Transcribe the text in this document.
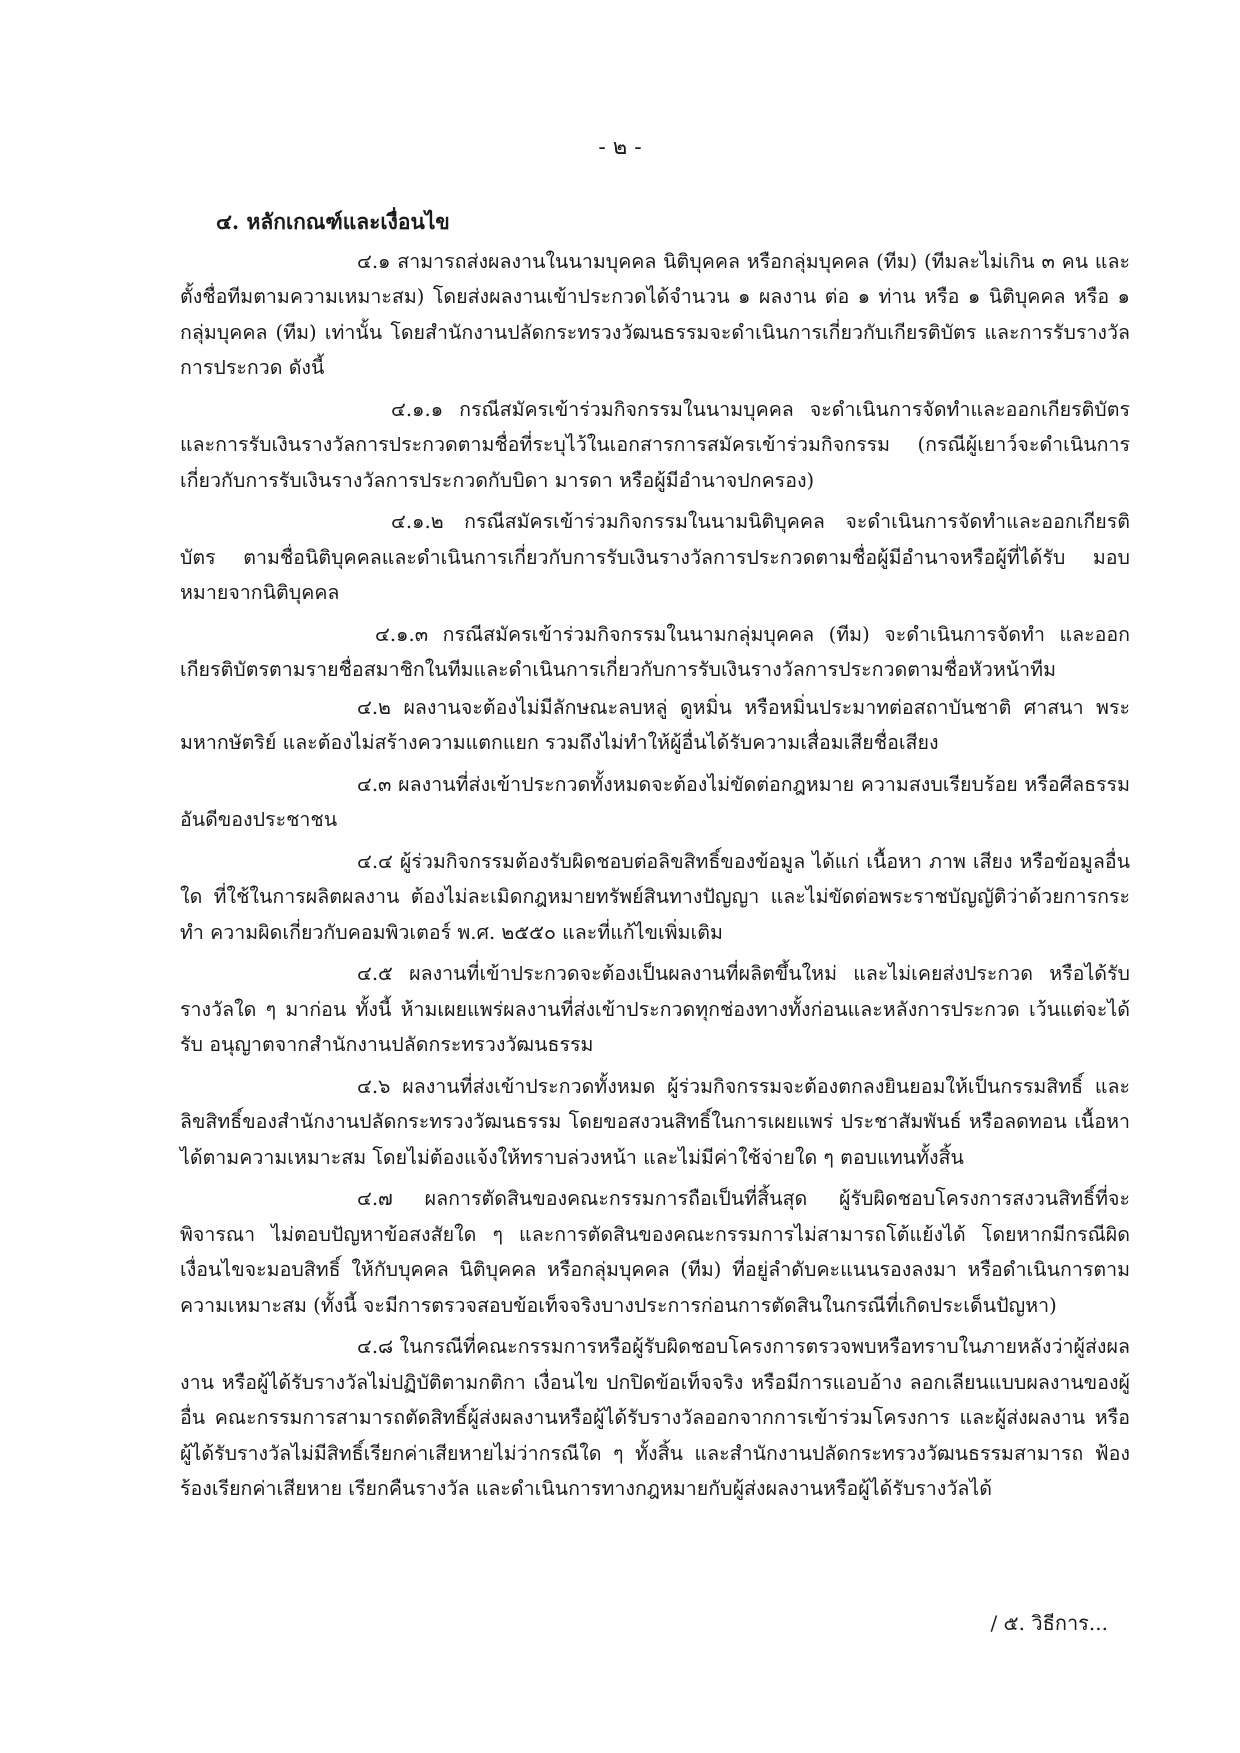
- ๒ -
๔. หลักเกณฑ์และเงื่อนไข

๔.๑ สามารถส่งผลงานในนามบุคคล นิติบุคคล หรือกลุ่มบุคคล (ทีม) (ทีมละไม่เกิน ๓ คน และตั้งชื่อทีมตามความเหมาะสม) โดยส่งผลงานเข้าประกวดได้จำนวน ๑ ผลงาน ต่อ ๑ ท่าน หรือ ๑ นิติบุคคล หรือ ๑ กลุ่มบุคคล (ทีม) เท่านั้น โดยสำนักงานปลัดกระทรวงวัฒนธรรมจะดำเนินการเกี่ยวกับเกียรติบัตร และการรับรางวัลการประกวด ดังนี้

๔.๑.๑ กรณีสมัครเข้าร่วมกิจกรรมในนามบุคคล จะดำเนินการจัดทำและออกเกียรติบัตร และการรับเงินรางวัลการประกวดตามชื่อที่ระบุไว้ในเอกสารการสมัครเข้าร่วมกิจกรรม (กรณีผู้เยาว์จะดำเนินการ เกี่ยวกับการรับเงินรางวัลการประกวดกับบิดา มารดา หรือผู้มีอำนาจปกครอง)

๔.๑.๒ กรณีสมัครเข้าร่วมกิจกรรมในนามนิติบุคคล จะดำเนินการจัดทำและออกเกียรติบัตร ตามชื่อนิติบุคคลและดำเนินการเกี่ยวกับการรับเงินรางวัลการประกวดตามชื่อผู้มีอำนาจหรือผู้ที่ได้รับ มอบหมายจากนิติบุคคล

๔.๑.๓ กรณีสมัครเข้าร่วมกิจกรรมในนามกลุ่มบุคคล (ทีม) จะดำเนินการจัดทำ และออกเกียรติบัตรตามรายชื่อสมาชิกในทีมและดำเนินการเกี่ยวกับการรับเงินรางวัลการประกวดตามชื่อหัวหน้าทีม

๔.๒ ผลงานจะต้องไม่มีลักษณะลบหลู่ ดูหมิ่น หรือหมิ่นประมาทต่อสถาบันชาติ ศาสนา พระมหากษัตริย์ และต้องไม่สร้างความแตกแยก รวมถึงไม่ทำให้ผู้อื่นได้รับความเสื่อมเสียชื่อเสียง

๔.๓ ผลงานที่ส่งเข้าประกวดทั้งหมดจะต้องไม่ขัดต่อกฎหมาย ความสงบเรียบร้อย หรือศีลธรรมอันดีของประชาชน

๔.๔ ผู้ร่วมกิจกรรมต้องรับผิดชอบต่อลิขสิทธิ์ของข้อมูล ได้แก่ เนื้อหา ภาพ เสียง หรือข้อมูลอื่นใด ที่ใช้ในการผลิตผลงาน ต้องไม่ละเมิดกฎหมายทรัพย์สินทางปัญญา และไม่ขัดต่อพระราชบัญญัติว่าด้วยการกระทำ ความผิดเกี่ยวกับคอมพิวเตอร์ พ.ศ. ๒๕๕๐ และที่แก้ไขเพิ่มเติม

๔.๕ ผลงานที่เข้าประกวดจะต้องเป็นผลงานที่ผลิตขึ้นใหม่ และไม่เคยส่งประกวด หรือได้รับ รางวัลใด ๆ มาก่อน ทั้งนี้ ห้ามเผยแพร่ผลงานที่ส่งเข้าประกวดทุกช่องทางทั้งก่อนและหลังการประกวด เว้นแต่จะได้รับ อนุญาตจากสำนักงานปลัดกระทรวงวัฒนธรรม

๔.๖ ผลงานที่ส่งเข้าประกวดทั้งหมด ผู้ร่วมกิจกรรมจะต้องตกลงยินยอมให้เป็นกรรมสิทธิ์ และลิขสิทธิ์ของสำนักงานปลัดกระทรวงวัฒนธรรม โดยขอสงวนสิทธิ์ในการเผยแพร่ ประชาสัมพันธ์ หรือลดทอน เนื้อหาได้ตามความเหมาะสม โดยไม่ต้องแจ้งให้ทราบล่วงหน้า และไม่มีค่าใช้จ่ายใด ๆ ตอบแทนทั้งสิ้น

๔.๗ ผลการตัดสินของคณะกรรมการถือเป็นที่สิ้นสุด ผู้รับผิดชอบโครงการสงวนสิทธิ์ที่จะพิจารณา ไม่ตอบปัญหาข้อสงสัยใด ๆ และการตัดสินของคณะกรรมการไม่สามารถโต้แย้งได้ โดยหากมีกรณีผิดเงื่อนไขจะมอบสิทธิ์ ให้กับบุคคล นิติบุคคล หรือกลุ่มบุคคล (ทีม) ที่อยู่ลำดับคะแนนรองลงมา หรือดำเนินการตามความเหมาะสม (ทั้งนี้ จะมีการตรวจสอบข้อเท็จจริงบางประการก่อนการตัดสินในกรณีที่เกิดประเด็นปัญหา)

๔.๘ ในกรณีที่คณะกรรมการหรือผู้รับผิดชอบโครงการตรวจพบหรือทราบในภายหลังว่าผู้ส่งผลงาน หรือผู้ได้รับรางวัลไม่ปฏิบัติตามกติกา เงื่อนไข ปกปิดข้อเท็จจริง หรือมีการแอบอ้าง ลอกเลียนแบบผลงานของผู้อื่น คณะกรรมการสามารถตัดสิทธิ์ผู้ส่งผลงานหรือผู้ได้รับรางวัลออกจากการเข้าร่วมโครงการ และผู้ส่งผลงาน หรือผู้ได้รับรางวัลไม่มีสิทธิ์เรียกค่าเสียหายไม่ว่ากรณีใด ๆ ทั้งสิ้น และสำนักงานปลัดกระทรวงวัฒนธรรมสามารถ ฟ้องร้องเรียกค่าเสียหาย เรียกคืนรางวัล และดำเนินการทางกฎหมายกับผู้ส่งผลงานหรือผู้ได้รับรางวัลได้

/ ๕. วิธีการ...
